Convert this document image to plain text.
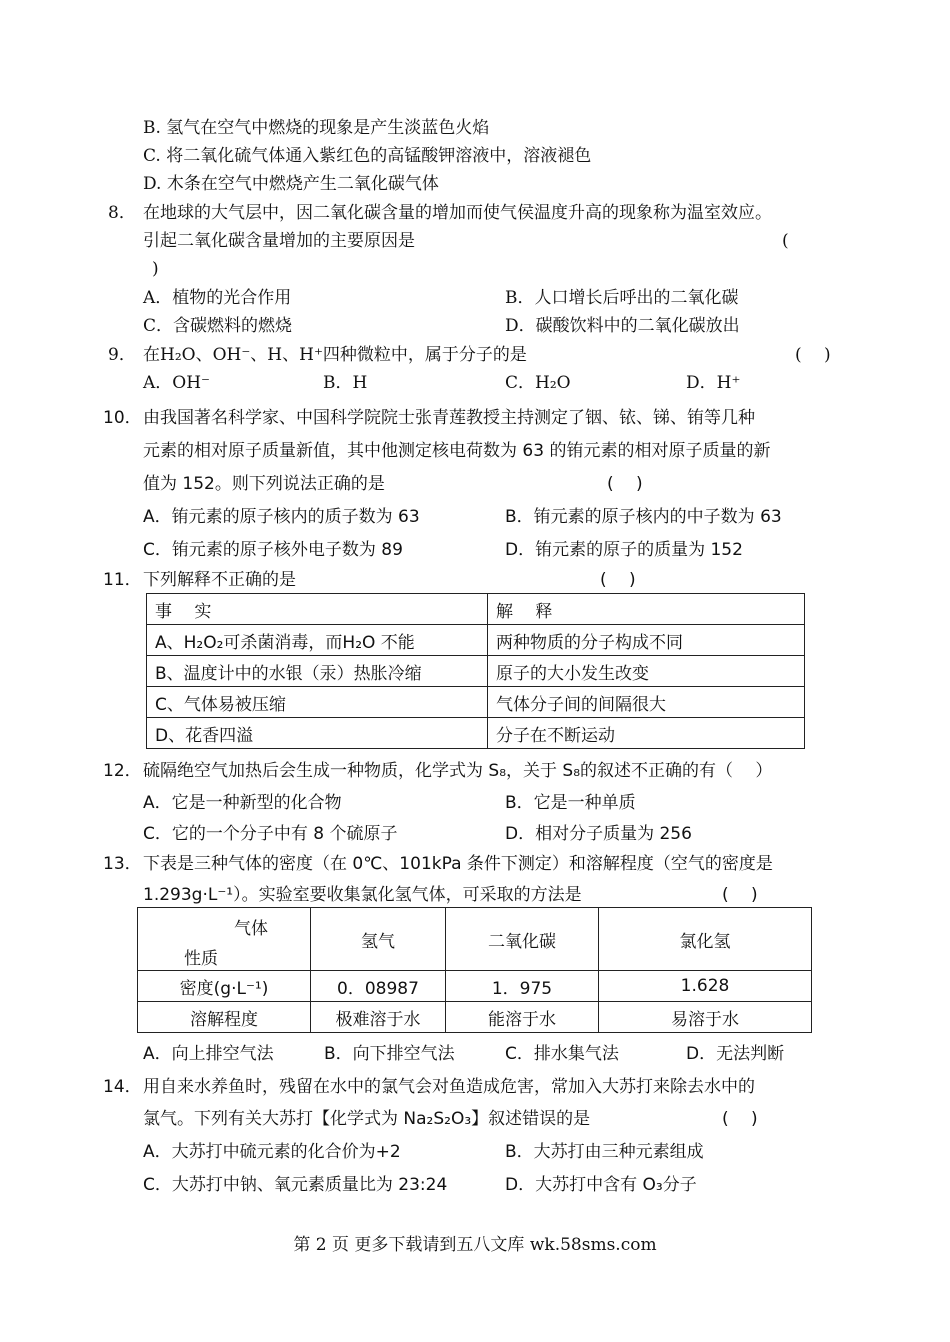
B. 氢气在空气中燃烧的现象是产生淡蓝色火焰
C. 将二氧化硫气体通入紫红色的高锰酸钾溶液中，溶液褪色
D. 木条在空气中燃烧产生二氧化碳气体
8． 在地球的大气层中，因二氧化碳含量的增加而使气侯温度升高的现象称为温室效应。
引起二氧化碳含量增加的主要原因是	(
)
A．植物的光合作用	B．人口增长后呼出的二氧化碳
C．含碳燃料的燃烧	D．碳酸饮料中的二氧化碳放出
9． 在H₂O、OH⁻、H、H⁺四种微粒中，属于分子的是	(　 )
A．OH⁻	B．H	C．H₂O	D．H⁺
10． 由我国著名科学家、中国科学院院士张青莲教授主持测定了铟、铱、锑、铕等几种
元素的相对原子质量新值，其中他测定核电荷数为 63 的铕元素的相对原子质量的新
值为 152。则下列说法正确的是	(　 )
A．铕元素的原子核内的质子数为 63	B．铕元素的原子核内的中子数为 63
C．铕元素的原子核外电子数为 89	D．铕元素的原子的质量为 152
11． 下列解释不正确的是	(　 )
事　 实	解　 释
A、H₂O₂可杀菌消毒，而H₂O 不能	两种物质的分子构成不同
B、温度计中的水银（汞）热胀冷缩	原子的大小发生改变
C、气体易被压缩	气体分子间的间隔很大
D、花香四溢	分子在不断运动
12． 硫隔绝空气加热后会生成一种物质，化学式为 S₈，关于 S₈的叙述不正确的有（　 ）
A．它是一种新型的化合物	B．它是一种单质
C．它的一个分子中有 8 个硫原子	D．相对分子质量为 256
13． 下表是三种气体的密度（在 0℃、101kPa 条件下测定）和溶解程度（空气的密度是
1.293g·L⁻¹）。实验室要收集氯化氢气体，可采取的方法是	(　 )
气体
性质	氢气	二氧化碳	氯化氢
密度(g·L⁻¹)	0．08987	1．975	1.628
溶解程度	极难溶于水	能溶于水	易溶于水
A．向上排空气法	B．向下排空气法	C．排水集气法	D．无法判断
14． 用自来水养鱼时，残留在水中的氯气会对鱼造成危害，常加入大苏打来除去水中的
氯气。下列有关大苏打【化学式为 Na₂S₂O₃】叙述错误的是	(　 )
A．大苏打中硫元素的化合价为+2	B．大苏打由三种元素组成
C．大苏打中钠、氧元素质量比为 23:24	D．大苏打中含有 O₃分子
第 2 页 更多下载请到五八文库 wk.58sms.com
